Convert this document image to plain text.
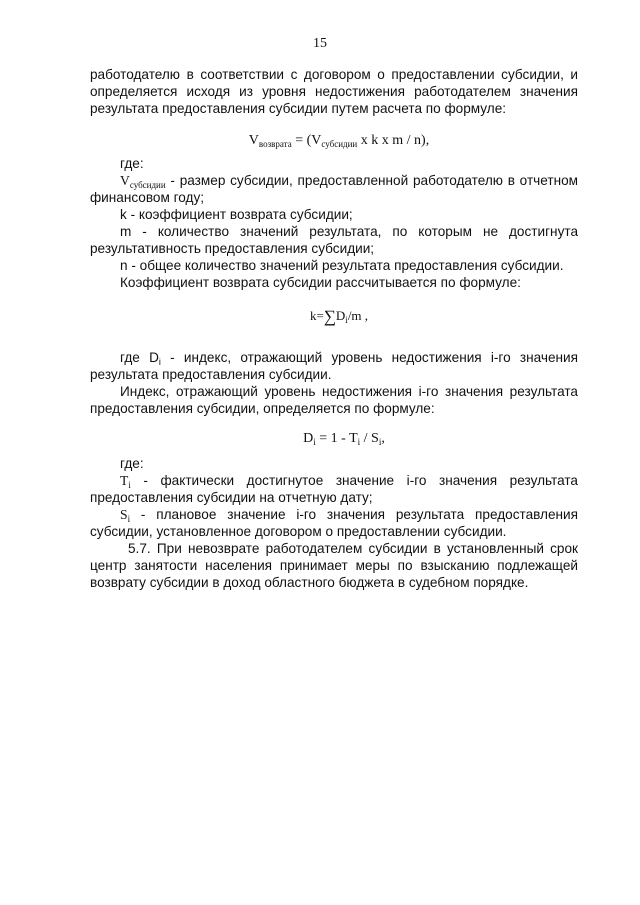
15

работодателю в соответствии с договором о предоставлении субсидии, и

определяется исходя из уровня недостижения работодателем значения

результата предоставления субсидии путем расчета по формуле:

$V_{возврата} = (V_{субсидии}$ x k x m / n),

где:

$V_{субсидии}$ - размер субсидии, предоставленной работодателю в отчетном финансовом году;

k - коэффициент возврата субсидии;

m - количество значений результата, по которым не достигнута

результативность предоставления субсидии;

n - общее количество значений результата предоставления субсидии.

Коэффициент возврата субсидии рассчитывается по формуле:

$k=\sum D_i/m$ ,

где $D_i$ - индекс, отражающий уровень недостижения i-го значения

результата предоставления субсидии.

Индекс, отражающий уровень недостижения i-го значения результата

предоставления субсидии, определяется по формуле:

$D_i = 1 - T_i / S_i$,

где:

$T_i$ - фактически достигнутое значение i-го значения результата

предоставления субсидии на отчетную дату;

$S_i$ - плановое значение i-го значения результата предоставления

субсидии, установленное договором о предоставлении субсидии.

5.7. При невозврате работодателем субсидии в установленный срок

центр занятости населения принимает меры по взысканию подлежащей

возврату субсидии в доход областного бюджета в судебном порядке.
